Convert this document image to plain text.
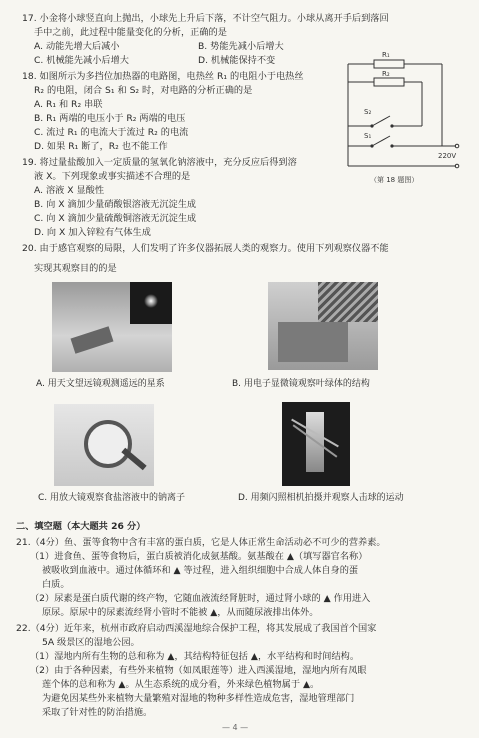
17. 小金将小球竖直向上抛出，小球先上升后下落，不计空气阻力。小球从离开手后到落回
手中之前，此过程中能量变化的分析，正确的是
A. 动能先增大后减小	B. 势能先减小后增大
C. 机械能先减小后增大	D. 机械能保持不变
18. 如图所示为多挡位加热器的电路图，电热丝 R₁ 的电阻小于电热丝
R₂ 的电阻，闭合 S₁ 和 S₂ 时，对电路的分析正确的是
A. R₁ 和 R₂ 串联
B. R₁ 两端的电压小于 R₂ 两端的电压
C. 流过 R₁ 的电流大于流过 R₂ 的电流
D. 如果 R₁ 断了，R₂ 也不能工作
R₁
R₂
S₂
S₁
220V
（第 18 题图）
19. 将过量盐酸加入一定质量的氢氧化钠溶液中，充分反应后得到溶
液 X。下列现象或事实描述不合理的是
A. 溶液 X 显酸性
B. 向 X 滴加少量硝酸银溶液无沉淀生成
C. 向 X 滴加少量硫酸铜溶液无沉淀生成
D. 向 X 加入锌粒有气体生成
20. 由于感官观察的局限，人们发明了许多仪器拓展人类的观察力。使用下列观察仪器不能
实现其观察目的的是
A. 用天文望远镜观测遥远的星系	B. 用电子显微镜观察叶绿体的结构
C. 用放大镜观察食盐溶液中的钠离子	D. 用频闪照相机拍摄并观察人击球的运动
二、填空题（本大题共 26 分）
21.（4分）鱼、蛋等食物中含有丰富的蛋白质，它是人体正常生命活动必不可少的营养素。
（1）进食鱼、蛋等食物后，蛋白质被消化成氨基酸。氨基酸在 ▲（填写器官名称）
被吸收到血液中。通过体循环和 ▲ 等过程，进入组织细胞中合成人体自身的蛋
白质。
（2）尿素是蛋白质代谢的终产物，它随血液流经肾脏时，通过肾小球的 ▲ 作用进入
原尿。原尿中的尿素流经肾小管时不能被 ▲，从而随尿液排出体外。
22.（4分）近年来，杭州市政府启动西溪湿地综合保护工程，将其发展成了我国首个国家
5A 级景区的湿地公园。
（1）湿地内所有生物的总和称为 ▲，其结构特征包括 ▲，水平结构和时间结构。
（2）由于各种因素，有些外来植物（如凤眼莲等）进入西溪湿地，湿地内所有凤眼
莲个体的总和称为 ▲。从生态系统的成分看，外来绿色植物属于 ▲。
为避免因某些外来植物大量繁殖对湿地的物种多样性造成危害，湿地管理部门
采取了针对性的防治措施。
— 4 —
